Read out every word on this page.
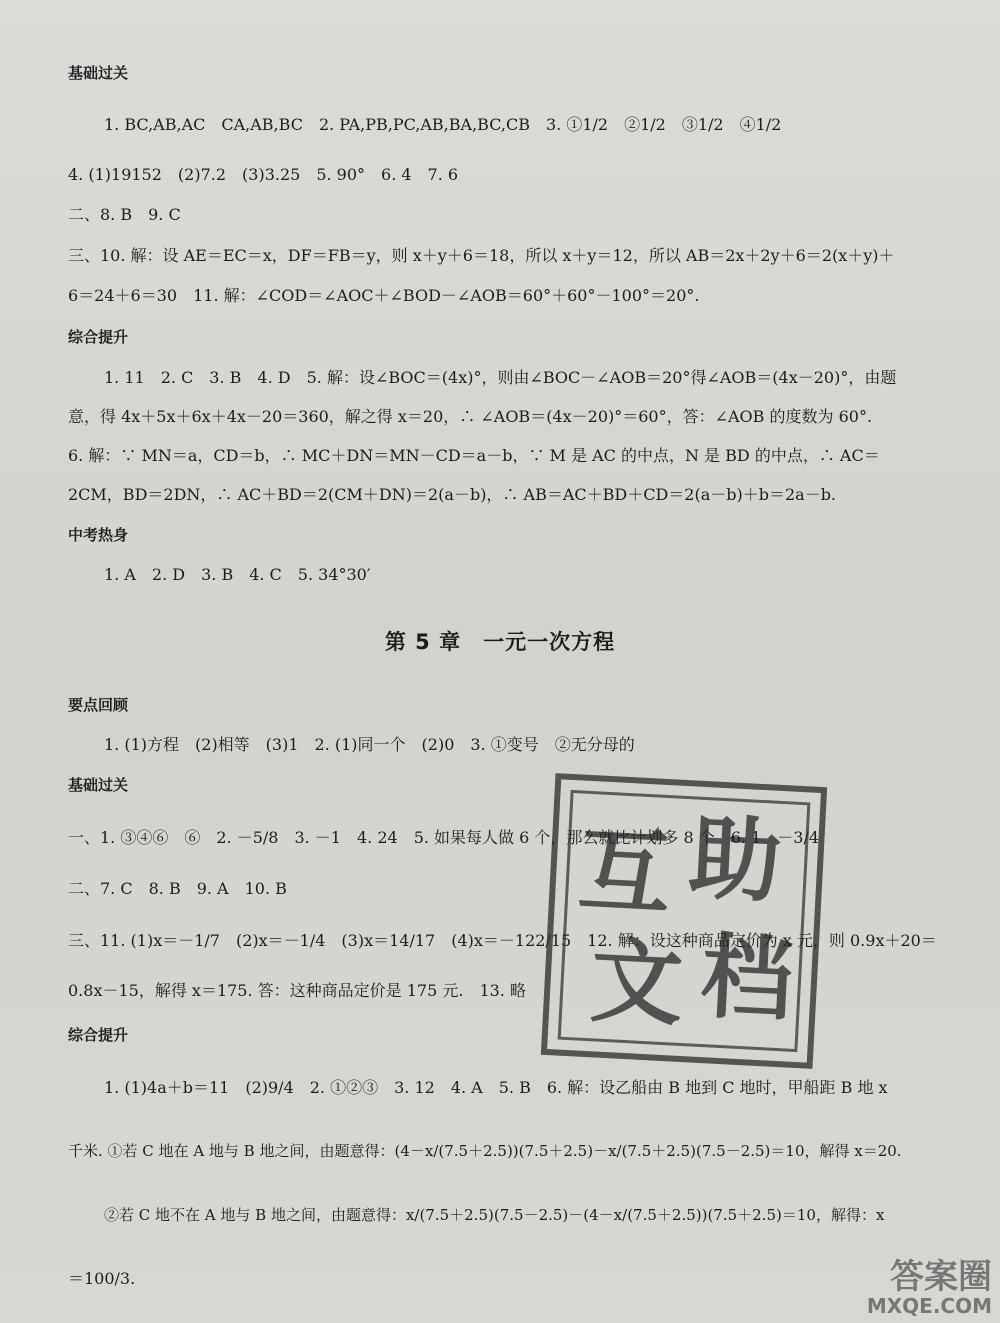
基础过关
1. BC,AB,AC　CA,AB,BC　2. PA,PB,PC,AB,BA,BC,CB　3. ①1/2　②1/2　③1/2　④1/2
4. (1)19152　(2)7.2　(3)3.25　5. 90°　6. 4　7. 6
二、8. B　9. C
三、10. 解：设 AE＝EC＝x，DF＝FB＝y，则 x＋y＋6＝18，所以 x＋y＝12，所以 AB＝2x＋2y＋6＝2(x＋y)＋
6＝24＋6＝30　11. 解：∠COD＝∠AOC＋∠BOD－∠AOB＝60°＋60°－100°＝20°.
综合提升
1. 11　2. C　3. B　4. D　5. 解：设∠BOC＝(4x)°，则由∠BOC－∠AOB＝20°得∠AOB＝(4x－20)°，由题
意，得 4x＋5x＋6x＋4x－20＝360，解之得 x＝20，∴ ∠AOB＝(4x－20)°＝60°，答：∠AOB 的度数为 60°.
6. 解：∵ MN＝a，CD＝b，∴ MC＋DN＝MN－CD＝a－b，∵ M 是 AC 的中点，N 是 BD 的中点，∴ AC＝
2CM，BD＝2DN，∴ AC＋BD＝2(CM＋DN)＝2(a－b)，∴ AB＝AC＋BD＋CD＝2(a－b)＋b＝2a－b.
中考热身
1. A　2. D　3. B　4. C　5. 34°30′
第 5 章　一元一次方程
要点回顾
1. (1)方程　(2)相等　(3)1　2. (1)同一个　(2)0　3. ①变号　②无分母的
基础过关
一、1. ③④⑥　⑥　2. －5/8　3. －1　4. 24　5. 如果每人做 6 个，那么就比计划多 8 个　6. 1　－3/4
二、7. C　8. B　9. A　10. B
三、11. (1)x＝－1/7　(2)x＝－1/4　(3)x＝14/17　(4)x＝－122/15　12. 解：设这种商品定价为 x 元，则 0.9x＋20＝
0.8x－15，解得 x＝175. 答：这种商品定价是 175 元.　13. 略
综合提升
1. (1)4a＋b＝11　(2)9/4　2. ①②③　3. 12　4. A　5. B　6. 解：设乙船由 B 地到 C 地时，甲船距 B 地 x
千米. ①若 C 地在 A 地与 B 地之间，由题意得：(4－x/(7.5＋2.5))(7.5＋2.5)－x/(7.5＋2.5)(7.5－2.5)＝10，解得 x＝20.
②若 C 地不在 A 地与 B 地之间，由题意得：x/(7.5＋2.5)(7.5－2.5)－(4－x/(7.5＋2.5))(7.5＋2.5)＝10，解得：x
＝100/3.
互 助
文 档
答案圈
MXQE.COM
